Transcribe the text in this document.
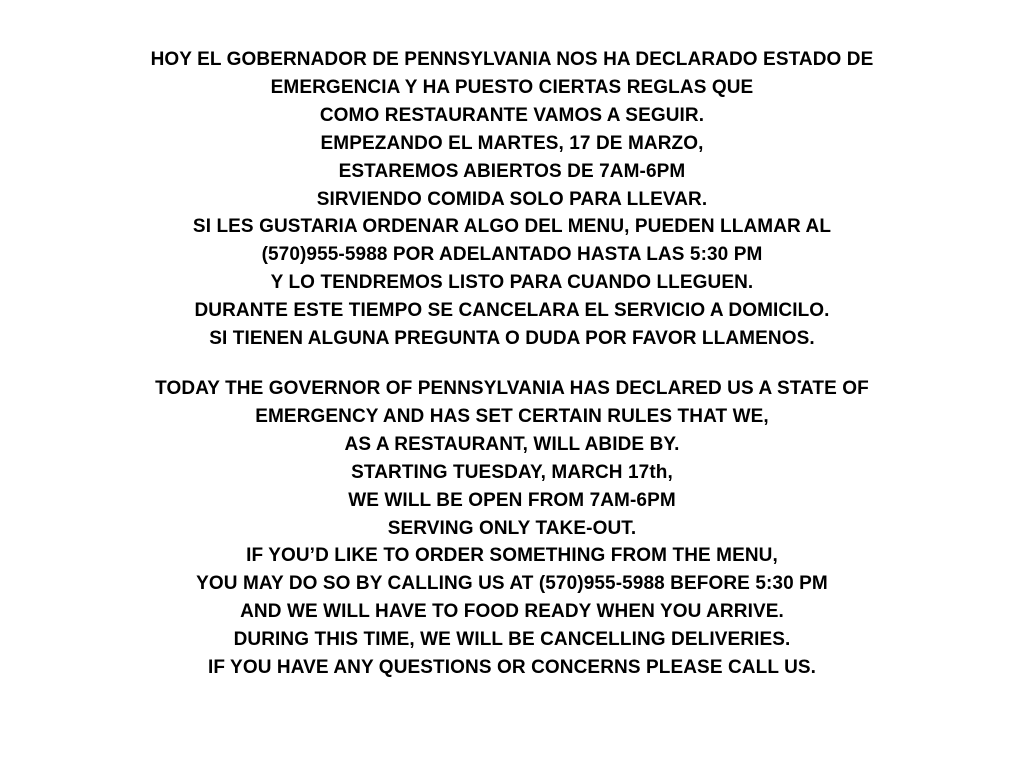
HOY EL GOBERNADOR DE PENNSYLVANIA NOS HA DECLARADO ESTADO DE
EMERGENCIA Y HA PUESTO CIERTAS REGLAS QUE
COMO RESTAURANTE VAMOS A SEGUIR.
EMPEZANDO EL MARTES, 17 DE MARZO,
ESTAREMOS ABIERTOS DE 7AM-6PM
SIRVIENDO COMIDA SOLO PARA LLEVAR.
SI LES GUSTARIA ORDENAR ALGO DEL MENU, PUEDEN LLAMAR AL
(570)955-5988 POR ADELANTADO HASTA LAS 5:30 PM
Y LO TENDREMOS LISTO PARA CUANDO LLEGUEN.
DURANTE ESTE TIEMPO SE CANCELARA EL SERVICIO A DOMICILO.
SI TIENEN ALGUNA PREGUNTA O DUDA POR FAVOR LLAMENOS.
TODAY THE GOVERNOR OF PENNSYLVANIA HAS DECLARED US A STATE OF
EMERGENCY AND HAS SET CERTAIN RULES THAT WE,
AS A RESTAURANT, WILL ABIDE BY.
STARTING TUESDAY, MARCH 17th,
WE WILL BE OPEN FROM 7AM-6PM
SERVING ONLY TAKE-OUT.
IF YOU’D LIKE TO ORDER SOMETHING FROM THE MENU,
YOU MAY DO SO BY CALLING US AT (570)955-5988 BEFORE 5:30 PM
AND WE WILL HAVE TO FOOD READY WHEN YOU ARRIVE.
DURING THIS TIME, WE WILL BE CANCELLING DELIVERIES.
IF YOU HAVE ANY QUESTIONS OR CONCERNS PLEASE CALL US.
